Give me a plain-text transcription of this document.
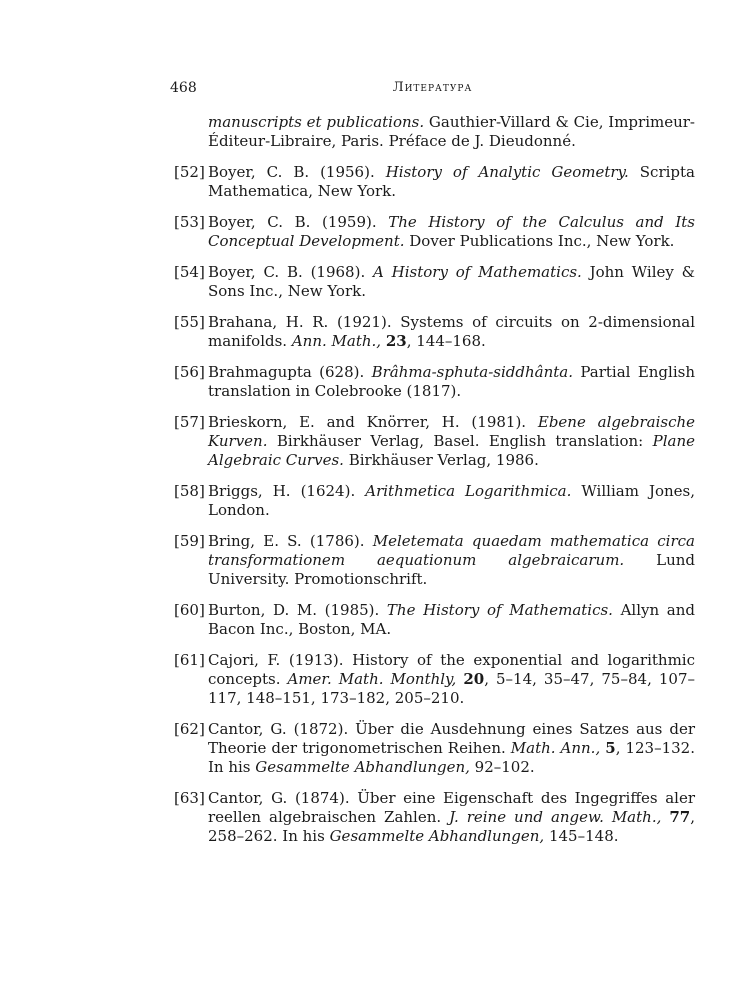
468	Литература
manuscripts et publications. Gauthier-Villard & Cie, Imprimeur-Éditeur-Libraire, Paris. Préface de J. Dieudonné.
[52] Boyer, C. B. (1956). History of Analytic Geometry. Scripta Mathematica, New York.
[53] Boyer, C. B. (1959). The History of the Calculus and Its Conceptual Development. Dover Publications Inc., New York.
[54] Boyer, C. B. (1968). A History of Mathematics. John Wiley & Sons Inc., New York.
[55] Brahana, H. R. (1921). Systems of circuits on 2-dimensional manifolds. Ann. Math., 23, 144–168.
[56] Brahmagupta (628). Brâhma-sphuta-siddhânta. Partial English translation in Colebrooke (1817).
[57] Brieskorn, E. and Knörrer, H. (1981). Ebene algebraische Kurven. Birkhäuser Verlag, Basel. English translation: Plane Algebraic Curves. Birkhäuser Verlag, 1986.
[58] Briggs, H. (1624). Arithmetica Logarithmica. William Jones, London.
[59] Bring, E. S. (1786). Meletemata quaedam mathematica circa transformationem aequationum algebraicarum. Lund University. Promotionschrift.
[60] Burton, D. M. (1985). The History of Mathematics. Allyn and Bacon Inc., Boston, MA.
[61] Cajori, F. (1913). History of the exponential and logarithmic concepts. Amer. Math. Monthly, 20, 5–14, 35–47, 75–84, 107–117, 148–151, 173–182, 205–210.
[62] Cantor, G. (1872). Über die Ausdehnung eines Satzes aus der Theorie der trigonometrischen Reihen. Math. Ann., 5, 123–132. In his Gesammelte Abhandlungen, 92–102.
[63] Cantor, G. (1874). Über eine Eigenschaft des Ingegriffes aler reellen algebraischen Zahlen. J. reine und angew. Math., 77, 258–262. In his Gesammelte Abhandlungen, 145–148.
